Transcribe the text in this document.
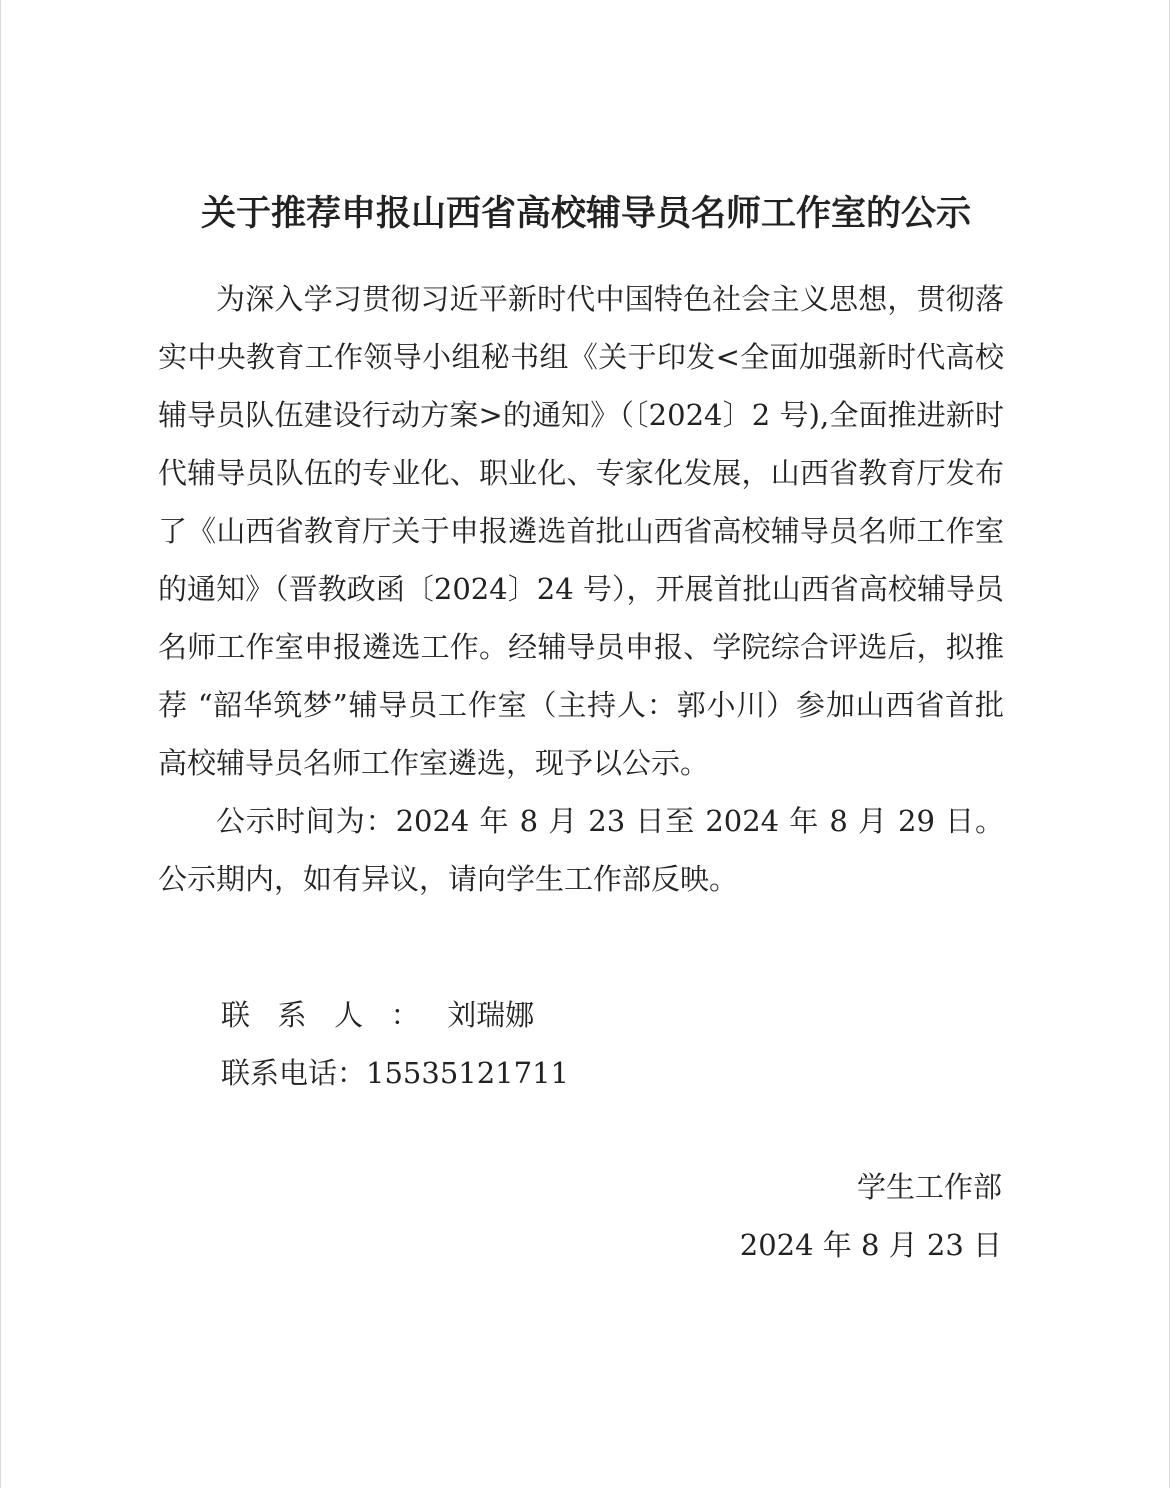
关于推荐申报山西省高校辅导员名师工作室的公示

为深入学习贯彻习近平新时代中国特色社会主义思想，贯彻落实中央教育工作领导小组秘书组《关于印发<全面加强新时代高校辅导员队伍建设行动方案>的通知》（〔2024〕2 号),全面推进新时代辅导员队伍的专业化、职业化、专家化发展，山西省教育厅发布了《山西省教育厅关于申报遴选首批山西省高校辅导员名师工作室的通知》（晋教政函〔2024〕24 号），开展首批山西省高校辅导员名师工作室申报遴选工作。经辅导员申报、学院综合评选后，拟推荐 “韶华筑梦”辅导员工作室（主持人：郭小川）参加山西省首批高校辅导员名师工作室遴选，现予以公示。

公示时间为：2024 年 8 月 23 日至 2024 年 8 月 29 日。公示期内，如有异议，请向学生工作部反映。

联系人：刘瑞娜
联系电话：15535121711
学生工作部
2024 年 8 月 23 日
